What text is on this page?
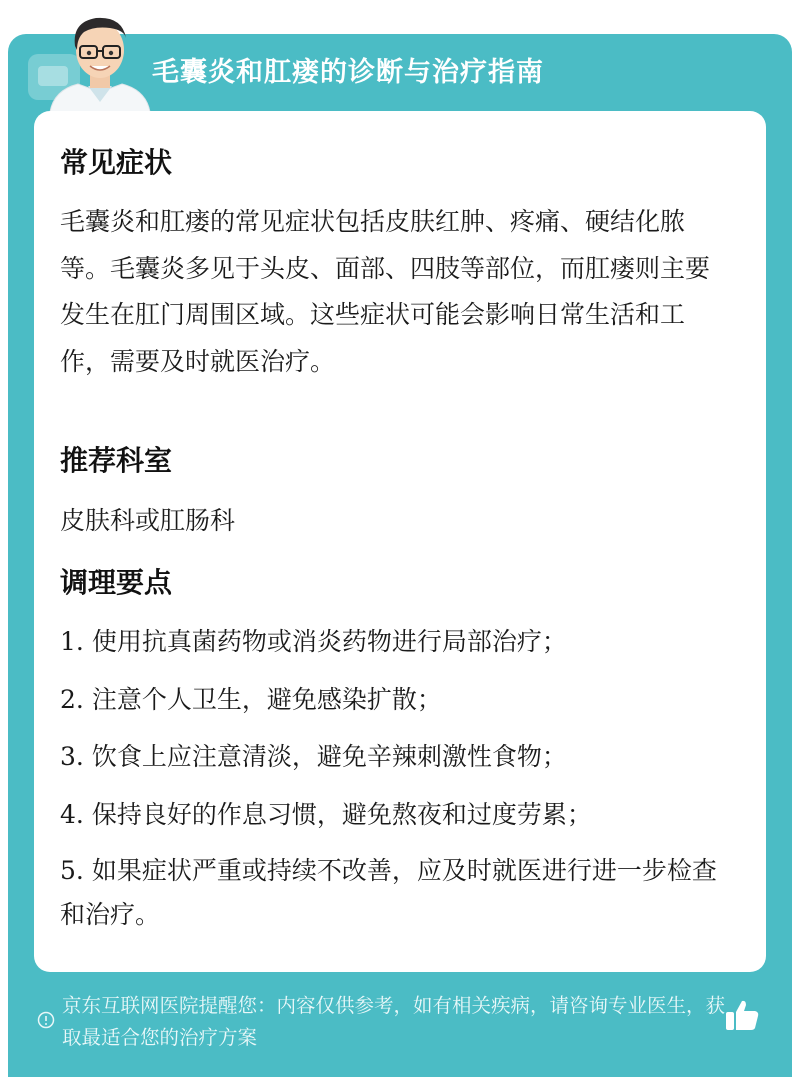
毛囊炎和肛瘘的诊断与治疗指南
常见症状
毛囊炎和肛瘘的常见症状包括皮肤红肿、疼痛、硬结化脓等。毛囊炎多见于头皮、面部、四肢等部位，而肛瘘则主要发生在肛门周围区域。这些症状可能会影响日常生活和工作，需要及时就医治疗。
推荐科室
皮肤科或肛肠科
调理要点
1. 使用抗真菌药物或消炎药物进行局部治疗；
2. 注意个人卫生，避免感染扩散；
3. 饮食上应注意清淡，避免辛辣刺激性食物；
4. 保持良好的作息习惯，避免熬夜和过度劳累；
5. 如果症状严重或持续不改善，应及时就医进行进一步检查和治疗。
京东互联网医院提醒您：内容仅供参考，如有相关疾病，请咨询专业医生，获取最适合您的治疗方案
